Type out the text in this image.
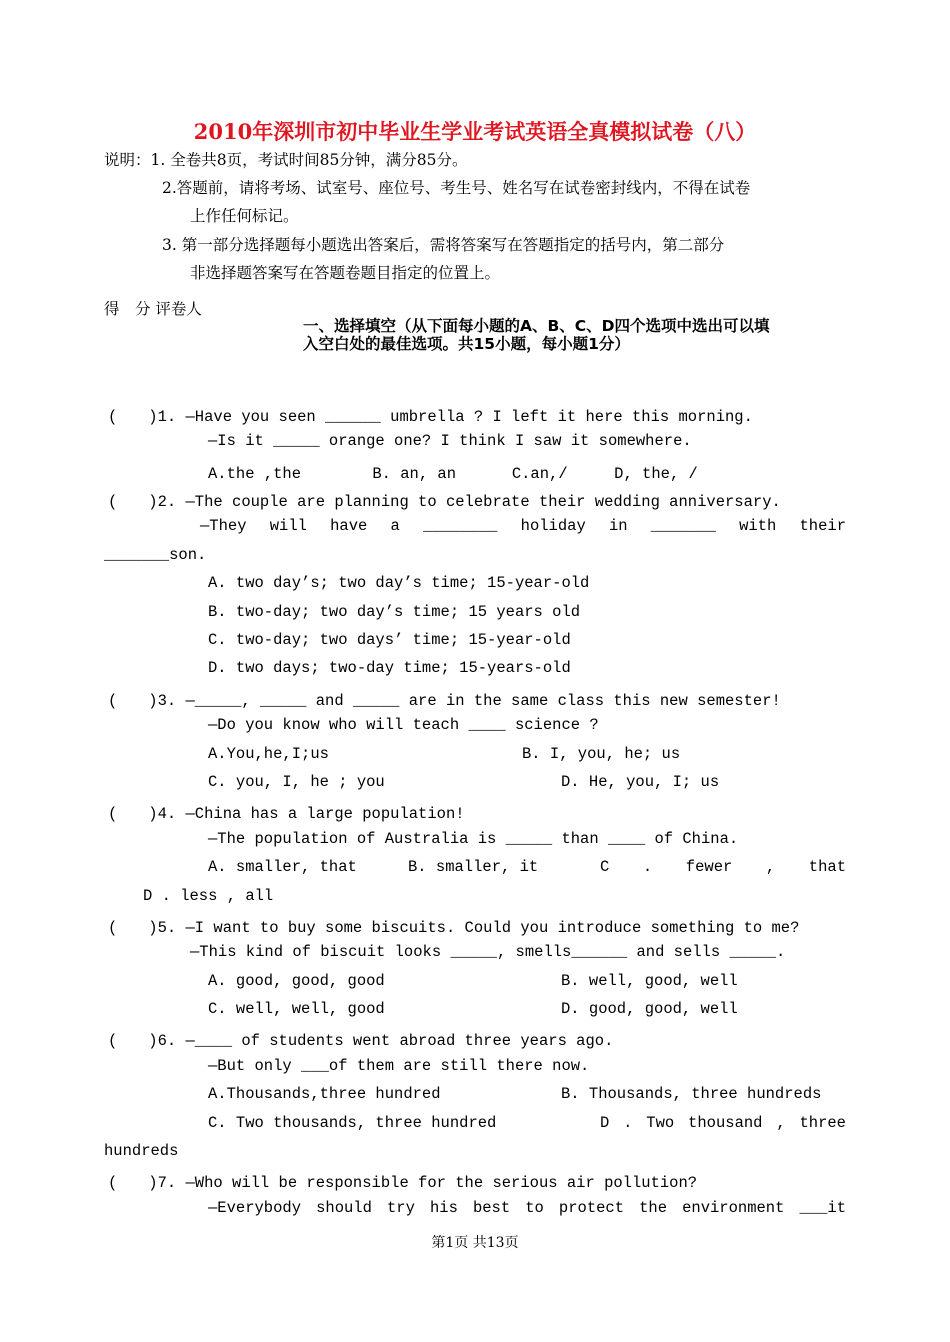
2010年深圳市初中毕业生学业考试英语全真模拟试卷（八）
说明：1. 全卷共8页，考试时间85分钟，满分85分。
2.答题前，请将考场、试室号、座位号、考生号、姓名写在试卷密封线内，不得在试卷
上作任何标记。
3. 第一部分选择题每小题选出答案后，需将答案写在答题指定的括号内，第二部分
非选择题答案写在答题卷题目指定的位置上。
得　分 评卷人
一、选择填空（从下面每小题的A、B、C、D四个选项中选出可以填
入空白处的最佳选项。共15小题，每小题1分）
(　　)1. —Have you seen ______ umbrella ? I left it here this morning.
—Is it _____ orange one? I think I saw it somewhere.
A.the ,the　　　　 B. an, an　　　 C.an,/　　　D, the, /
(　　)2. —The couple are planning to celebrate their wedding anniversary.
—They will have a ________ holiday in _______ with their
_______son.
A. two day’s; two day’s time; 15-year-old
B. two-day; two day’s time; 15 years old
C. two-day; two days’ time; 15-year-old
D. two days; two-day time; 15-years-old
(　　)3. —_____, _____ and _____ are in the same class this new semester!
—Do you know who will teach ____ science ?
A.You,he,I;us	B. I, you, he; us
C. you, I, he ; you	D. He, you, I; us
(　　)4. —China has a large population!
—The population of Australia is _____ than ____ of China.
A. smaller, that	B. smaller, it	C . fewer , that
D . less , all
(　　)5. —I want to buy some biscuits. Could you introduce something to me?
—This kind of biscuit looks _____, smells______ and sells _____.
A. good, good, good	B. well, good, well
C. well, well, good	D. good, good, well
(　　)6. —____ of students went abroad three years ago.
—But only ___of them are still there now.
A.Thousands,three hundred	B. Thousands, three hundreds
C. Two thousands, three hundred	D . Two thousand , three
hundreds
(　　)7. —Who will be responsible for the serious air pollution?
—Everybody should try his best to protect the environment ___it
第1页 共13页
